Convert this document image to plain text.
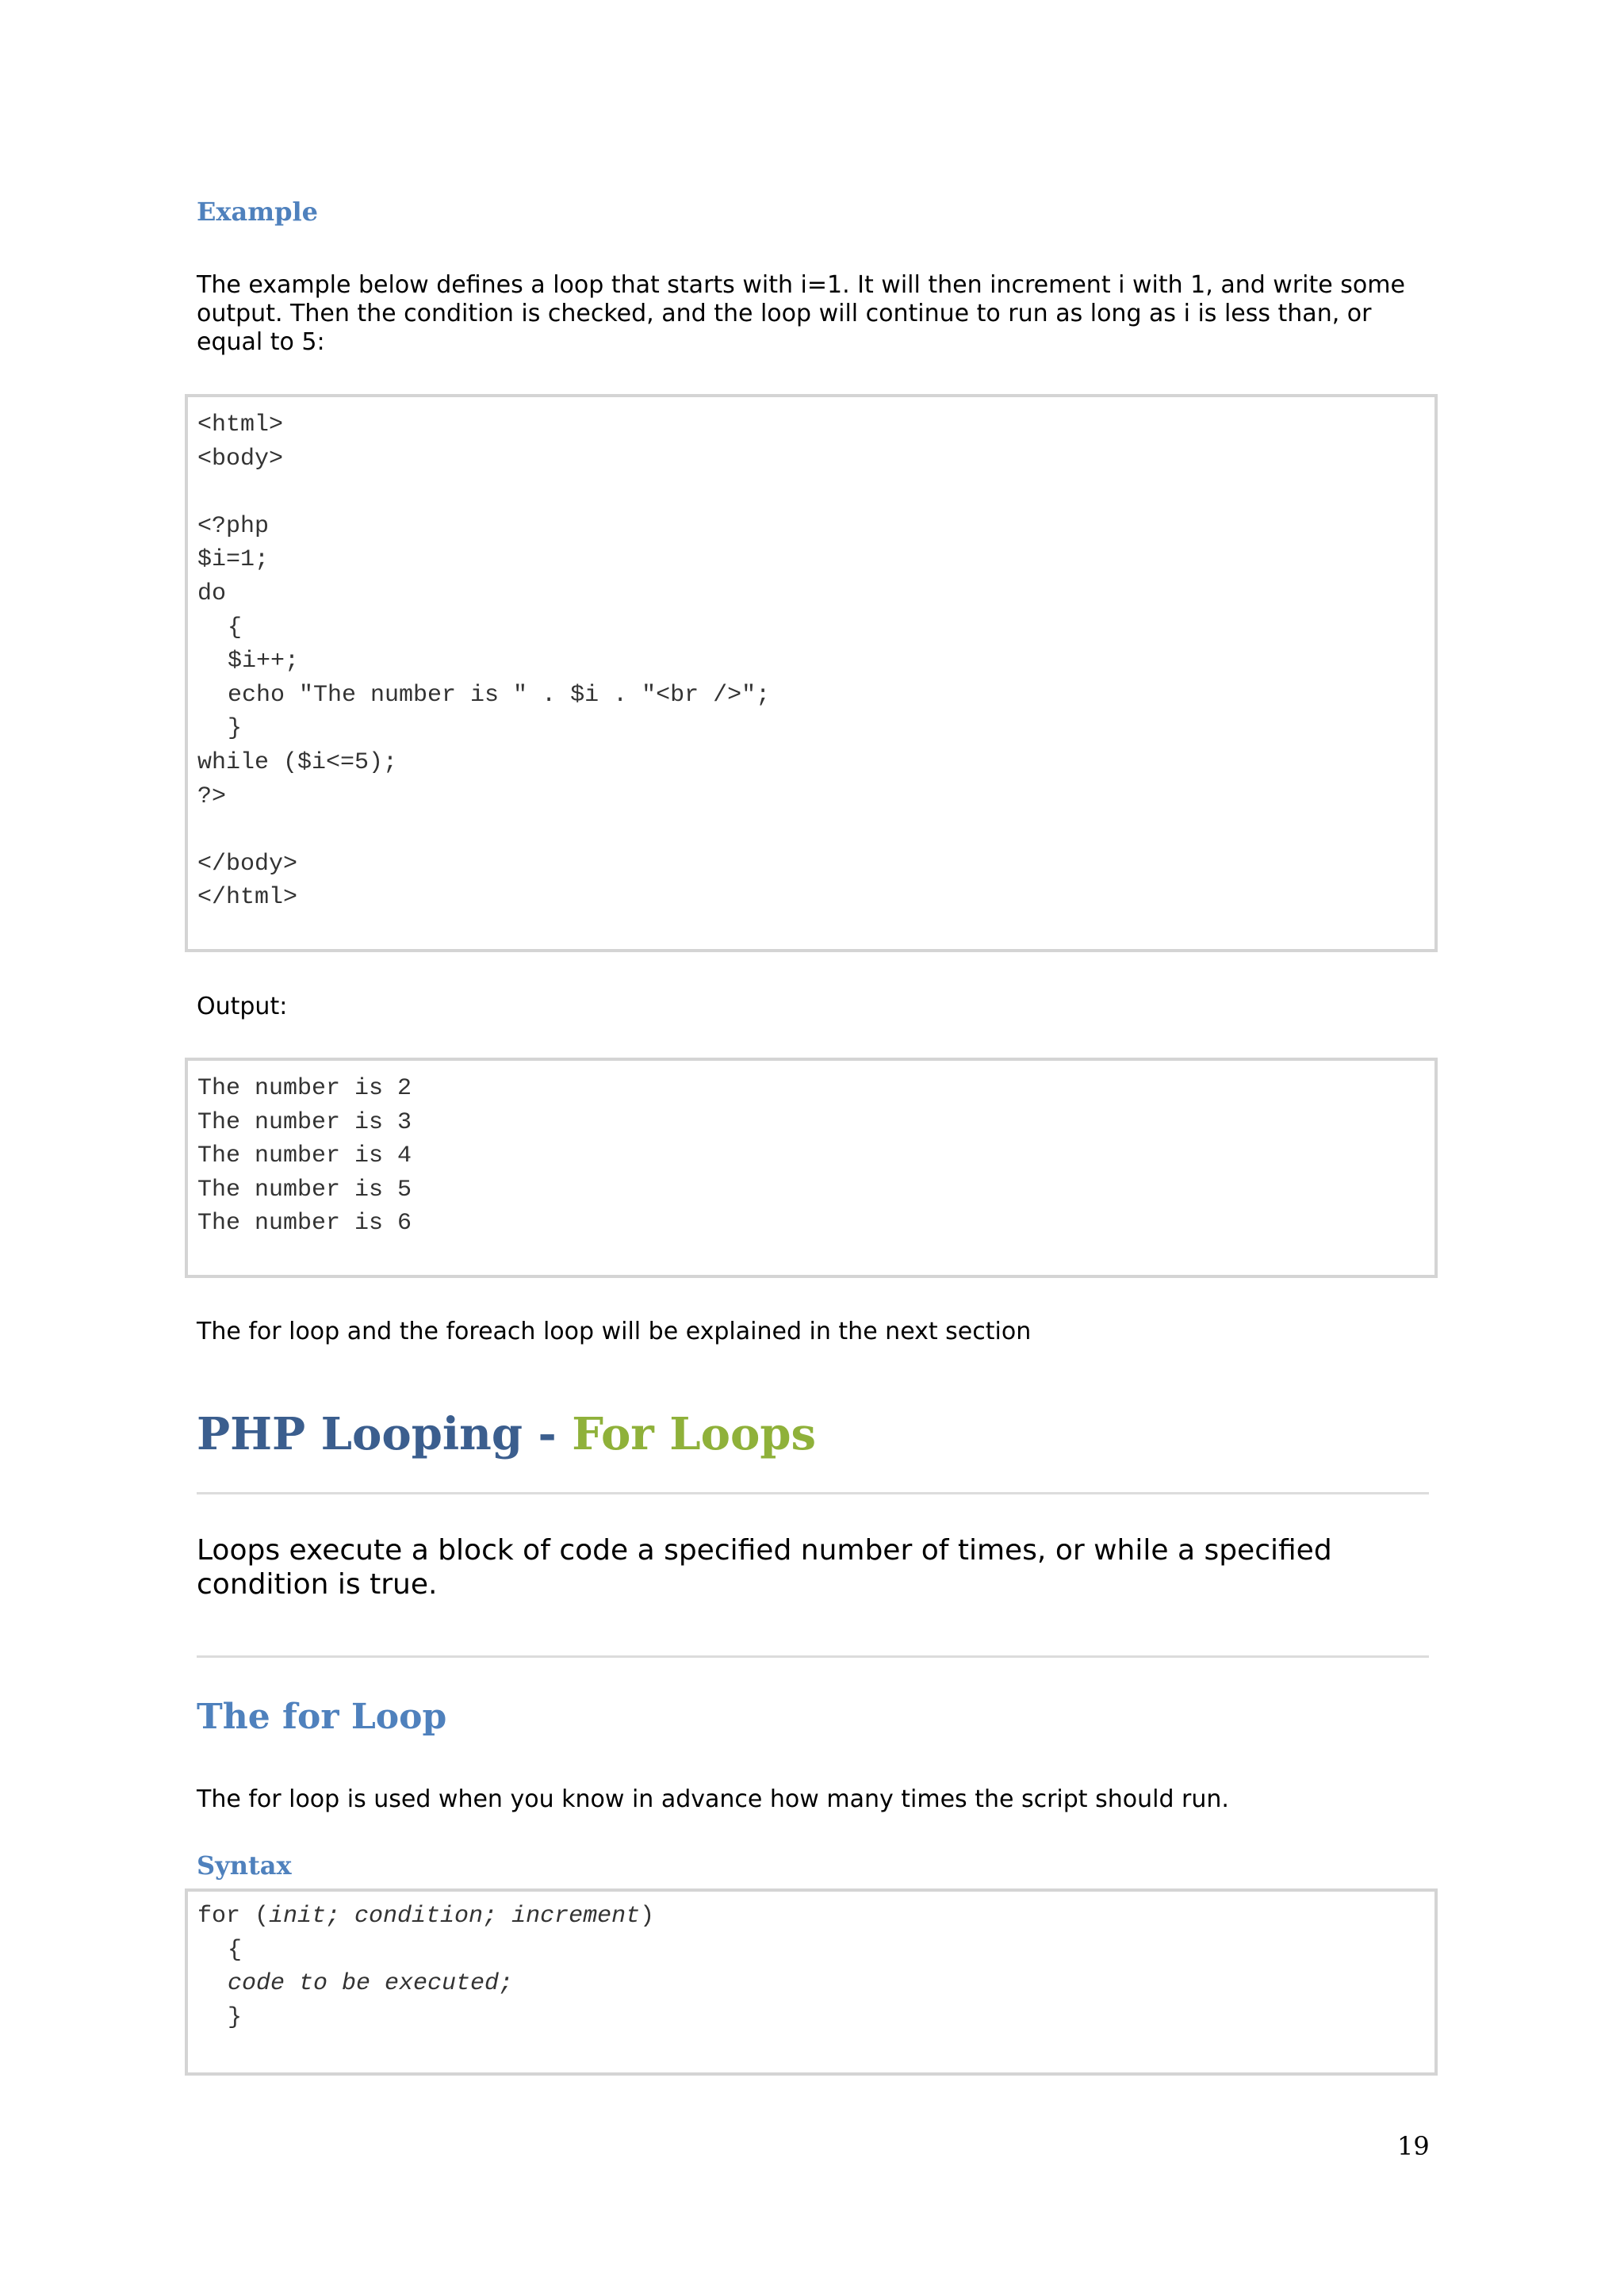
Example

The example below defines a loop that starts with i=1. It will then increment i with 1, and write some output. Then the condition is checked, and the loop will continue to run as long as i is less than, or equal to 5:

<html>
<body>
<?php
$i=1;
do
{
$i++;
echo "The number is " . $i . "<br />";
}
while ($i<=5);
?>
</body>
</html>

Output:

The number is 2
The number is 3
The number is 4
The number is 5
The number is 6

The for loop and the foreach loop will be explained in the next section

PHP Looping - For Loops

Loops execute a block of code a specified number of times, or while a specified condition is true.

The for Loop

The for loop is used when you know in advance how many times the script should run.

Syntax
for (init; condition; increment)
{
code to be executed;
}

19
